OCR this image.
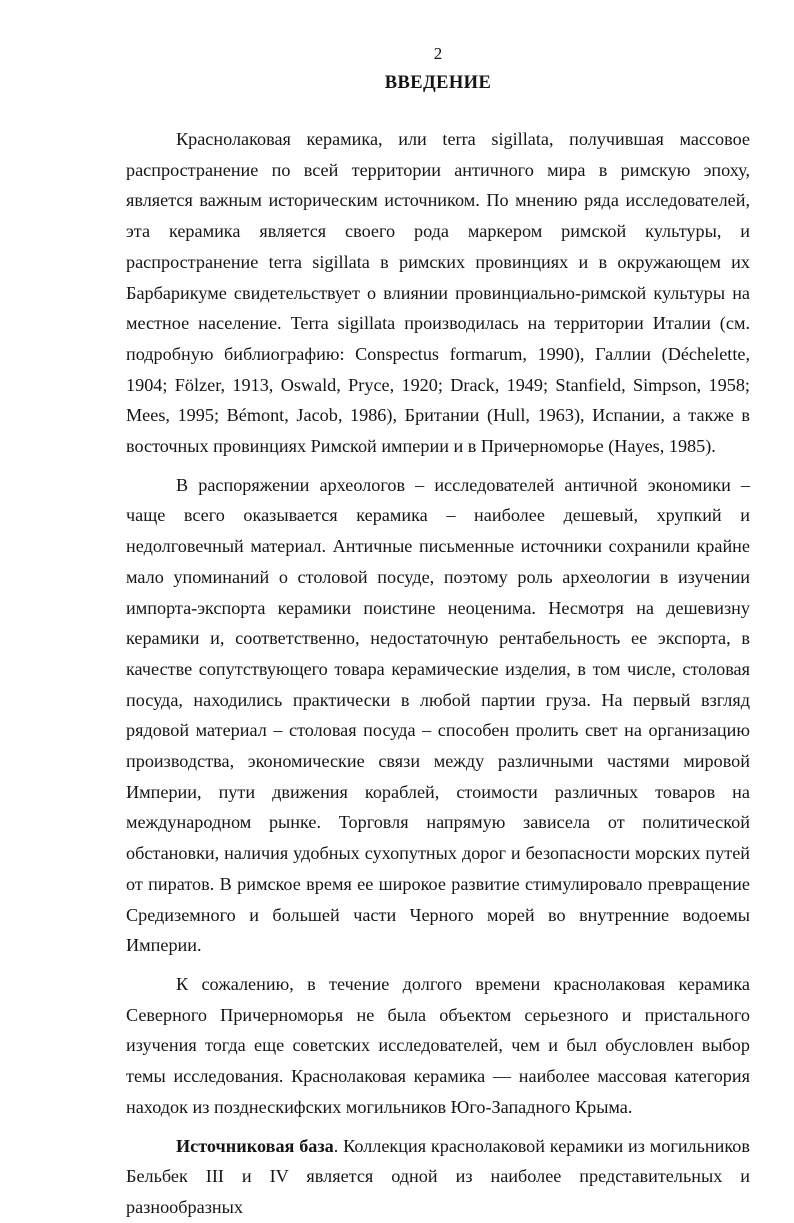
2
ВВЕДЕНИЕ

Краснолаковая керамика, или terra sigillata, получившая массовое распространение по всей территории античного мира в римскую эпоху, является важным историческим источником. По мнению ряда исследователей, эта керамика является своего рода маркером римской культуры, и распространение terra sigillata в римских провинциях и в окружающем их Барбарикуме свидетельствует о влиянии провинциально-римской культуры на местное население. Terra sigillata производилась на территории Италии (см. подробную библиографию: Conspectus formarum, 1990), Галлии (Déchelette, 1904; Fölzer, 1913, Oswald, Pryce, 1920; Drack, 1949; Stanfield, Simpson, 1958; Mees, 1995; Bémont, Jacob, 1986), Британии (Hull, 1963), Испании, а также в восточных провинциях Римской империи и в Причерноморье (Hayes, 1985).

В распоряжении археологов – исследователей античной экономики – чаще всего оказывается керамика – наиболее дешевый, хрупкий и недолговечный материал. Античные письменные источники сохранили крайне мало упоминаний о столовой посуде, поэтому роль археологии в изучении импорта-экспорта керамики поистине неоценима. Несмотря на дешевизну керамики и, соответственно, недостаточную рентабельность ее экспорта, в качестве сопутствующего товара керамические изделия, в том числе, столовая посуда, находились практически в любой партии груза. На первый взгляд рядовой материал – столовая посуда – способен пролить свет на организацию производства, экономические связи между различными частями мировой Империи, пути движения кораблей, стоимости различных товаров на международном рынке. Торговля напрямую зависела от политической обстановки, наличия удобных сухопутных дорог и безопасности морских путей от пиратов. В римское время ее широкое развитие стимулировало превращение Средиземного и большей части Черного морей во внутренние водоемы Империи.

К сожалению, в течение долгого времени краснолаковая керамика Северного Причерноморья не была объектом серьезного и пристального изучения тогда еще советских исследователей, чем и был обусловлен выбор темы исследования. Краснолаковая керамика — наиболее массовая категория находок из позднескифских могильников Юго-Западного Крыма.

Источниковая база. Коллекция краснолаковой керамики из могильников Бельбек III и IV является одной из наиболее представительных и разнообразных
